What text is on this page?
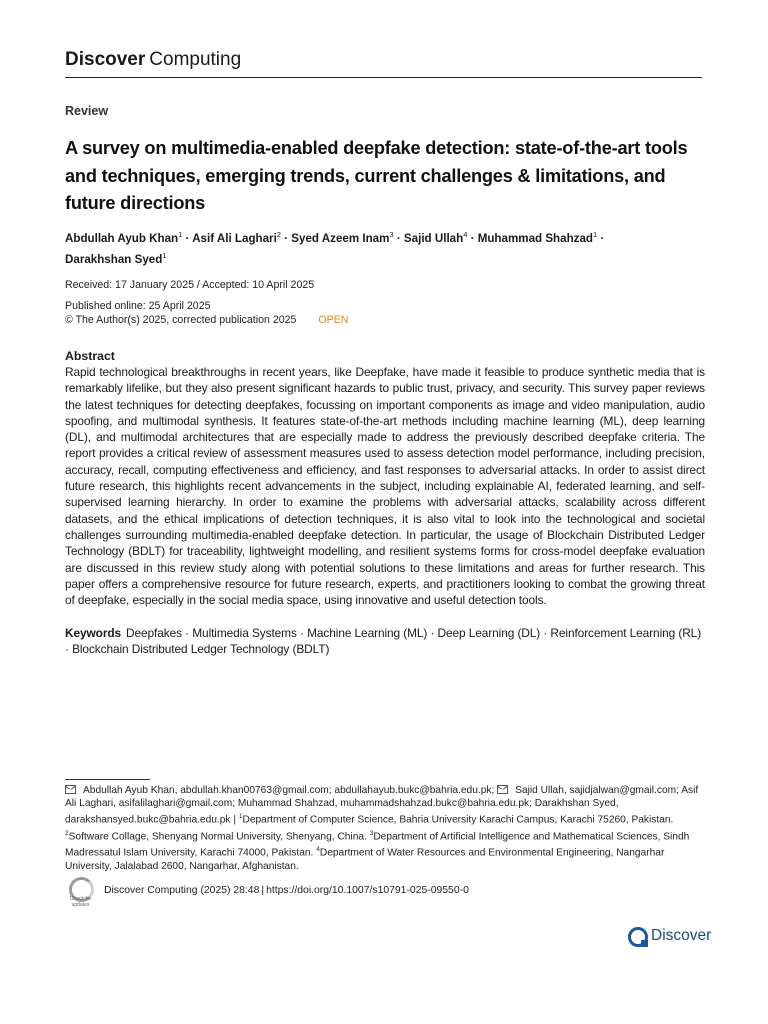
Discover Computing
Review
A survey on multimedia-enabled deepfake detection: state-of-the-art tools and techniques, emerging trends, current challenges & limitations, and future directions
Abdullah Ayub Khan$^1$ · Asif Ali Laghari$^2$ · Syed Azeem Inam$^3$ · Sajid Ullah$^4$ · Muhammad Shahzad$^1$ ·
Darakhshan Syed$^1$
Received: 17 January 2025 / Accepted: 10 April 2025
Published online: 25 April 2025
© The Author(s) 2025, corrected publication 2025 OPEN
Abstract
Rapid technological breakthroughs in recent years, like Deepfake, have made it feasible to produce synthetic media that is remarkably lifelike, but they also present significant hazards to public trust, privacy, and security. This survey paper reviews the latest techniques for detecting deepfakes, focussing on important components as image and video manipulation, audio spoofing, and multimodal synthesis. It features state-of-the-art methods including machine learning (ML), deep learning (DL), and multimodal architectures that are especially made to address the previously described deepfake criteria. The report provides a critical review of assessment measures used to assess detection model performance, including precision, accuracy, recall, computing effectiveness and efficiency, and fast responses to adversarial attacks. In order to assist direct future research, this highlights recent advancements in the subject, including explainable AI, federated learning, and self-supervised learning hierarchy. In order to examine the problems with adversarial attacks, scalability across different datasets, and the ethical implications of detection techniques, it is also vital to look into the technological and societal challenges surrounding multimedia-enabled deepfake detection. In particular, the usage of Blockchain Distributed Ledger Technology (BDLT) for traceability, lightweight modelling, and resilient systems forms for cross-model deepfake evaluation are discussed in this review study along with potential solutions to these limitations and areas for further research. This paper offers a comprehensive resource for future research, experts, and practitioners looking to combat the growing threat of deepfake, especially in the social media space, using innovative and useful detection tools.
Keywords Deepfakes · Multimedia Systems · Machine Learning (ML) · Deep Learning (DL) · Reinforcement Learning (RL) · Blockchain Distributed Ledger Technology (BDLT)
Abdullah Ayub Khan, abdullah.khan00763@gmail.com; abdullahayub.bukc@bahria.edu.pk; Sajid Ullah, sajidjalwan@gmail.com; Asif Ali Laghari, asifalilaghari@gmail.com; Muhammad Shahzad, muhammadshahzad.bukc@bahria.edu.pk; Darakhshan Syed, darakshansyed.bukc@bahria.edu.pk | $^1$Department of Computer Science, Bahria University Karachi Campus, Karachi 75260, Pakistan. $^2$Software Collage, Shenyang Normal University, Shenyang, China. $^3$Department of Artificial Intelligence and Mathematical Sciences, Sindh Madressatul Islam University, Karachi 74000, Pakistan. $^4$Department of Water Resources and Environmental Engineering, Nangarhar University, Jalalabad 2600, Nangarhar, Afghanistan.
Check for
updates
Discover Computing (2025) 28:48 | https://doi.org/10.1007/s10791-025-09550-0
Discover
